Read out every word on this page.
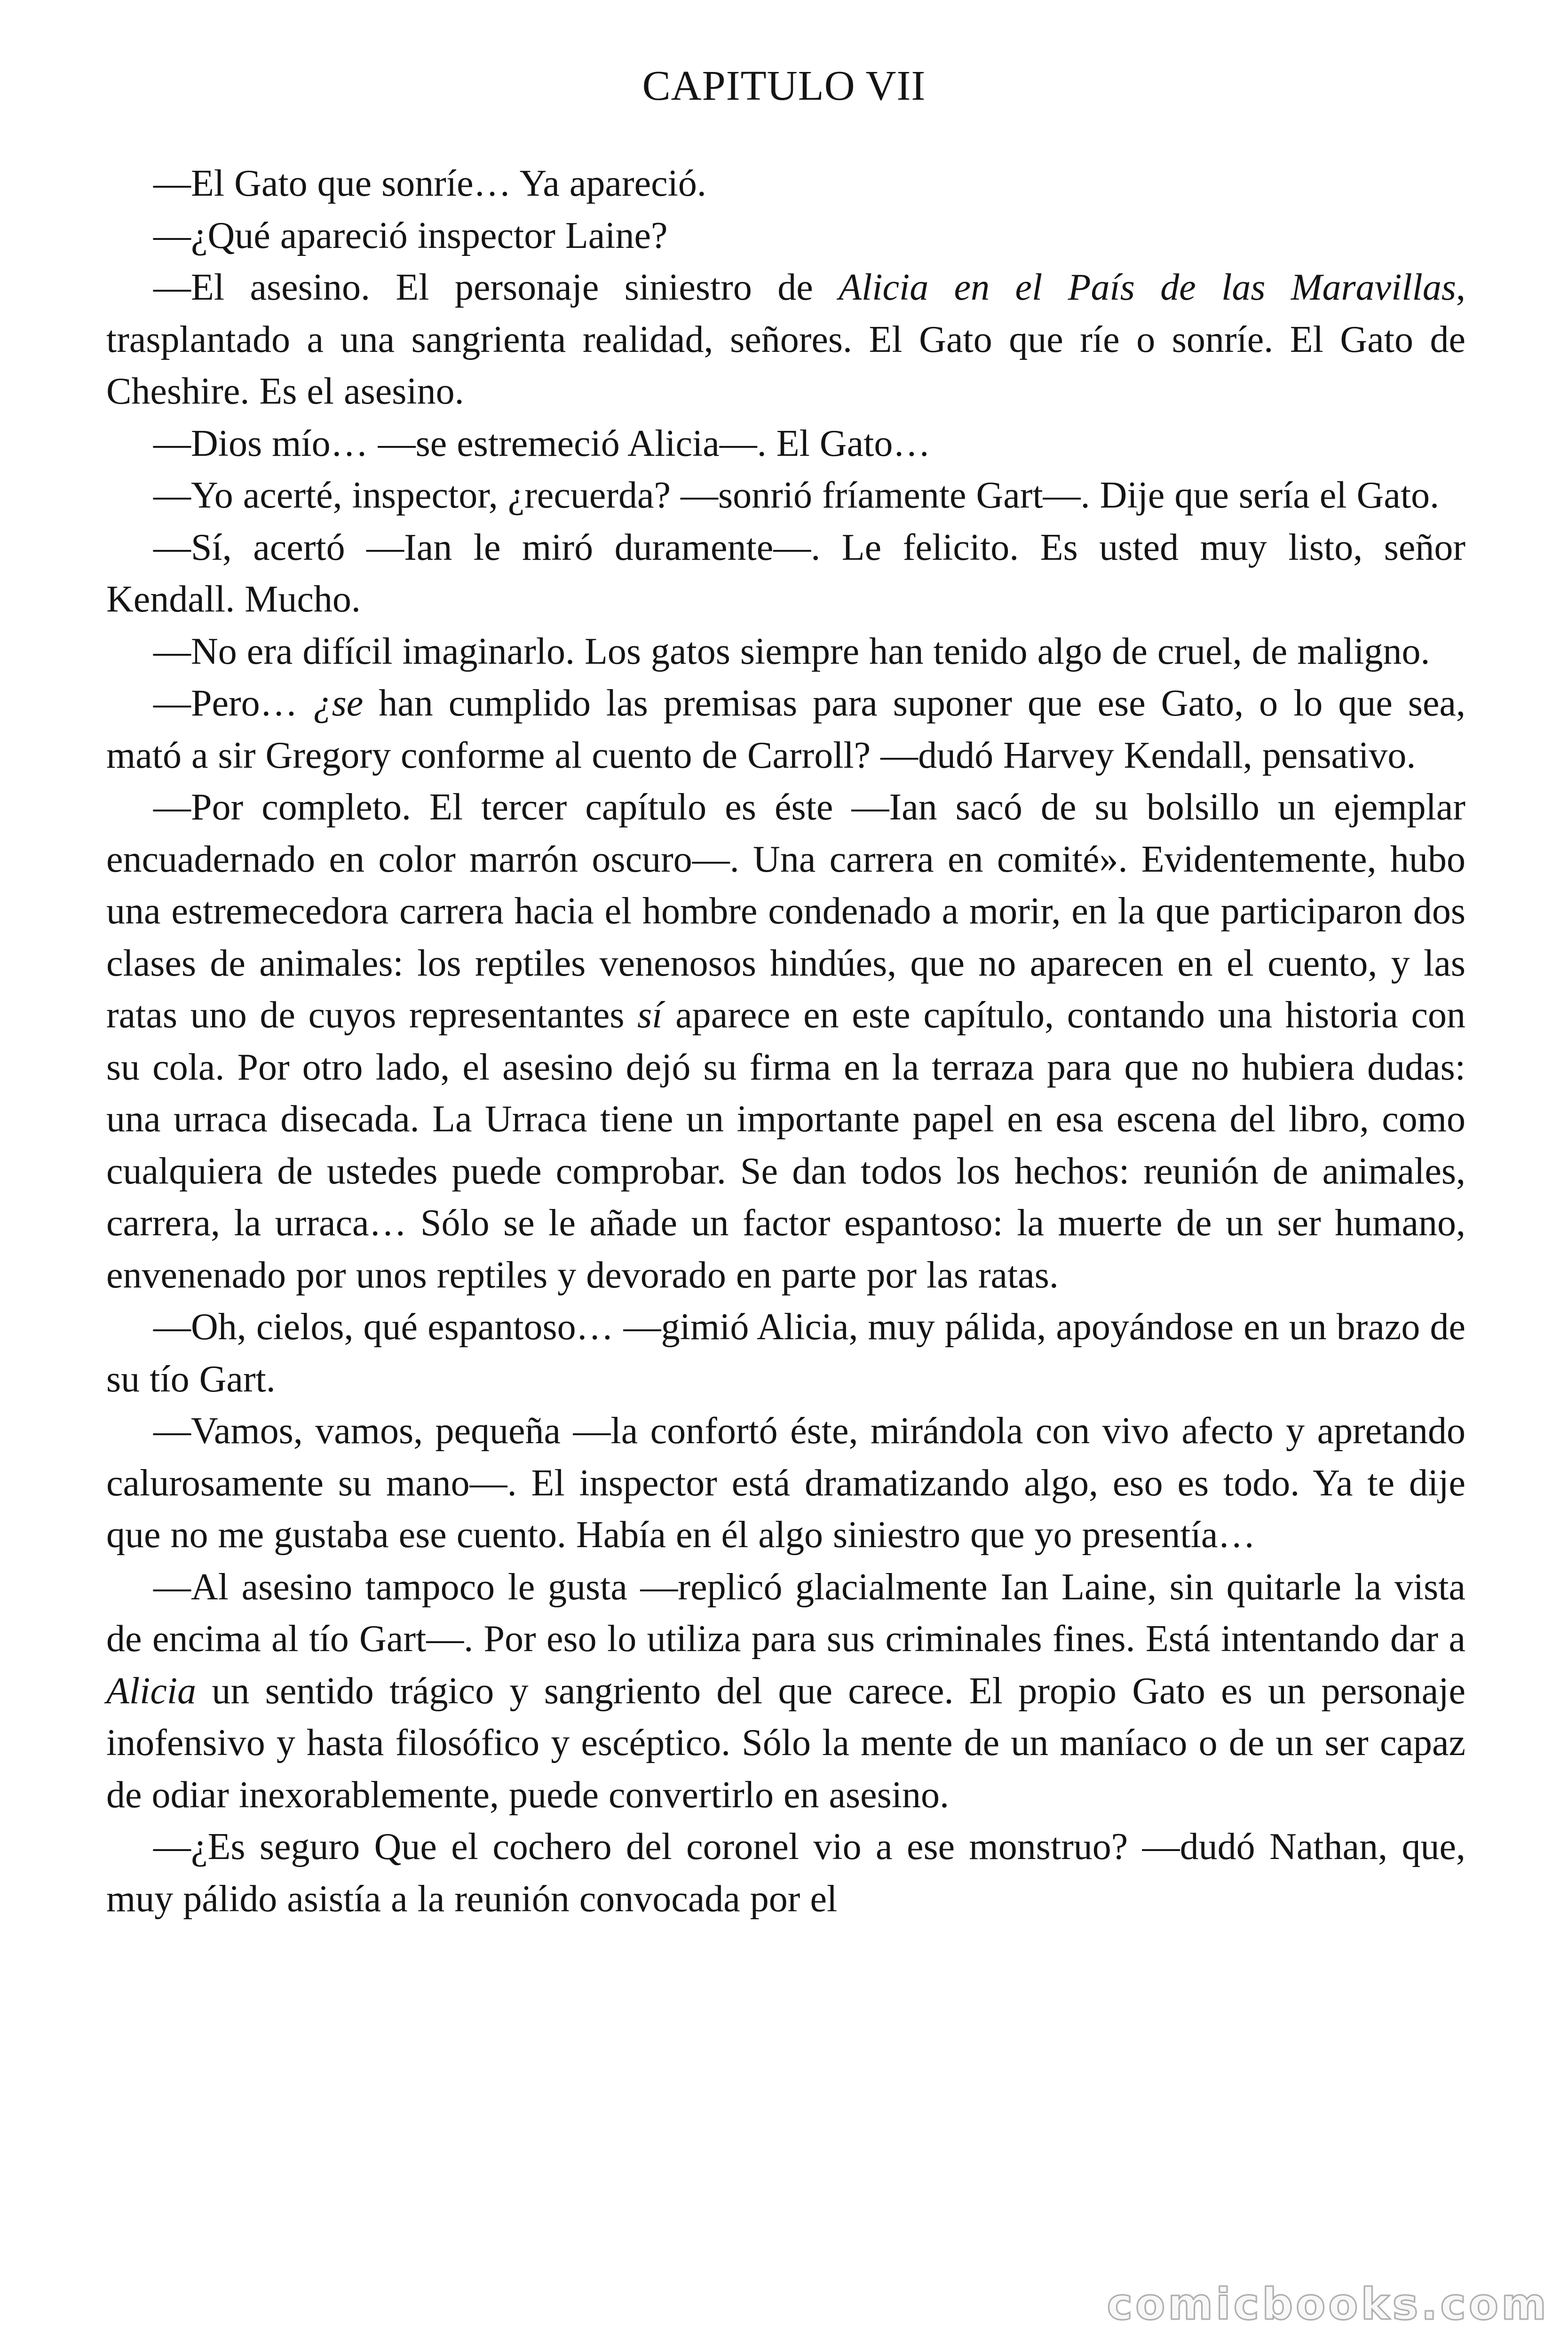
CAPITULO VII

—El Gato que sonríe… Ya apareció.

—¿Qué apareció inspector Laine?

—El asesino. El personaje siniestro de Alicia en el País de las Maravillas, trasplantado a una sangrienta realidad, señores. El Gato que ríe o sonríe. El Gato de Cheshire. Es el asesino.

—Dios mío… —se estremeció Alicia—. El Gato…

—Yo acerté, inspector, ¿recuerda? —sonrió fríamente Gart—. Dije que sería el Gato.

—Sí, acertó —Ian le miró duramente—. Le felicito. Es usted muy listo, señor Kendall. Mucho.

—No era difícil imaginarlo. Los gatos siempre han tenido algo de cruel, de maligno.

—Pero… ¿se han cumplido las premisas para suponer que ese Gato, o lo que sea, mató a sir Gregory conforme al cuento de Carroll? —dudó Harvey Kendall, pensativo.

—Por completo. El tercer capítulo es éste —Ian sacó de su bolsillo un ejemplar encuadernado en color marrón oscuro—. Una carrera en comité». Evidentemente, hubo una estremecedora carrera hacia el hombre condenado a morir, en la que participaron dos clases de animales: los reptiles venenosos hindúes, que no aparecen en el cuento, y las ratas uno de cuyos representantes sí aparece en este capítulo, contando una historia con su cola. Por otro lado, el asesino dejó su firma en la terraza para que no hubiera dudas: una urraca disecada. La Urraca tiene un importante papel en esa escena del libro, como cualquiera de ustedes puede comprobar. Se dan todos los hechos: reunión de animales, carrera, la urraca… Sólo se le añade un factor espantoso: la muerte de un ser humano, envenenado por unos reptiles y devorado en parte por las ratas.

—Oh, cielos, qué espantoso… —gimió Alicia, muy pálida, apoyándose en un brazo de su tío Gart.

—Vamos, vamos, pequeña —la confortó éste, mirándola con vivo afecto y apretando calurosamente su mano—. El inspector está dramatizando algo, eso es todo. Ya te dije que no me gustaba ese cuento. Había en él algo siniestro que yo presentía…

—Al asesino tampoco le gusta —replicó glacialmente Ian Laine, sin quitarle la vista de encima al tío Gart—. Por eso lo utiliza para sus criminales fines. Está intentando dar a Alicia un sentido trágico y sangriento del que carece. El propio Gato es un personaje inofensivo y hasta filosófico y escéptico. Sólo la mente de un maníaco o de un ser capaz de odiar inexorablemente, puede convertirlo en asesino.

—¿Es seguro Que el cochero del coronel vio a ese monstruo? —dudó Nathan, que, muy pálido asistía a la reunión convocada por el

comicbooks.com
